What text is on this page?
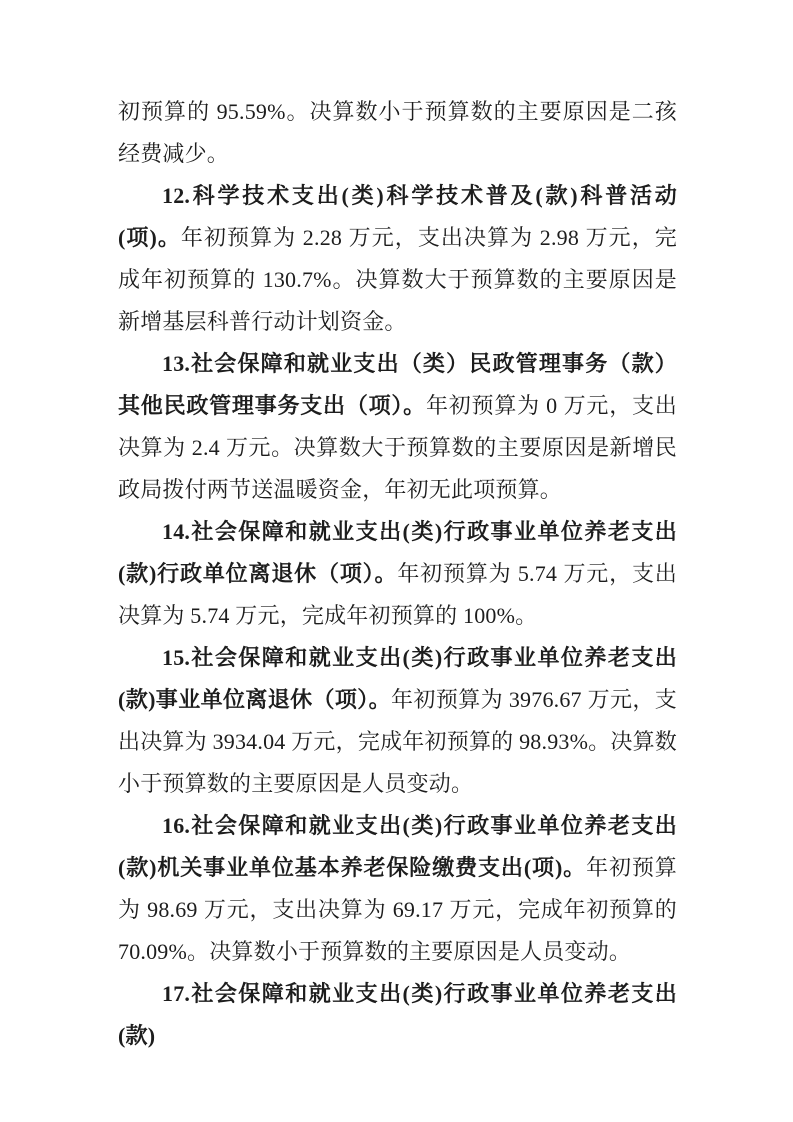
初预算的 95.59%。决算数小于预算数的主要原因是二孩经费减少。

12.科学技术支出(类)科学技术普及(款)科普活动(项)。年初预算为 2.28 万元，支出决算为 2.98 万元，完成年初预算的 130.7%。决算数大于预算数的主要原因是新增基层科普行动计划资金。

13.社会保障和就业支出（类）民政管理事务（款）其他民政管理事务支出（项）。年初预算为 0 万元，支出决算为 2.4 万元。决算数大于预算数的主要原因是新增民政局拨付两节送温暖资金，年初无此项预算。

14.社会保障和就业支出(类)行政事业单位养老支出(款)行政单位离退休（项）。年初预算为 5.74 万元，支出决算为 5.74 万元，完成年初预算的 100%。

15.社会保障和就业支出(类)行政事业单位养老支出(款)事业单位离退休（项）。年初预算为 3976.67 万元，支出决算为 3934.04 万元，完成年初预算的 98.93%。决算数小于预算数的主要原因是人员变动。

16.社会保障和就业支出(类)行政事业单位养老支出(款)机关事业单位基本养老保险缴费支出(项)。年初预算为 98.69 万元，支出决算为 69.17 万元，完成年初预算的 70.09%。决算数小于预算数的主要原因是人员变动。

17.社会保障和就业支出(类)行政事业单位养老支出(款)
